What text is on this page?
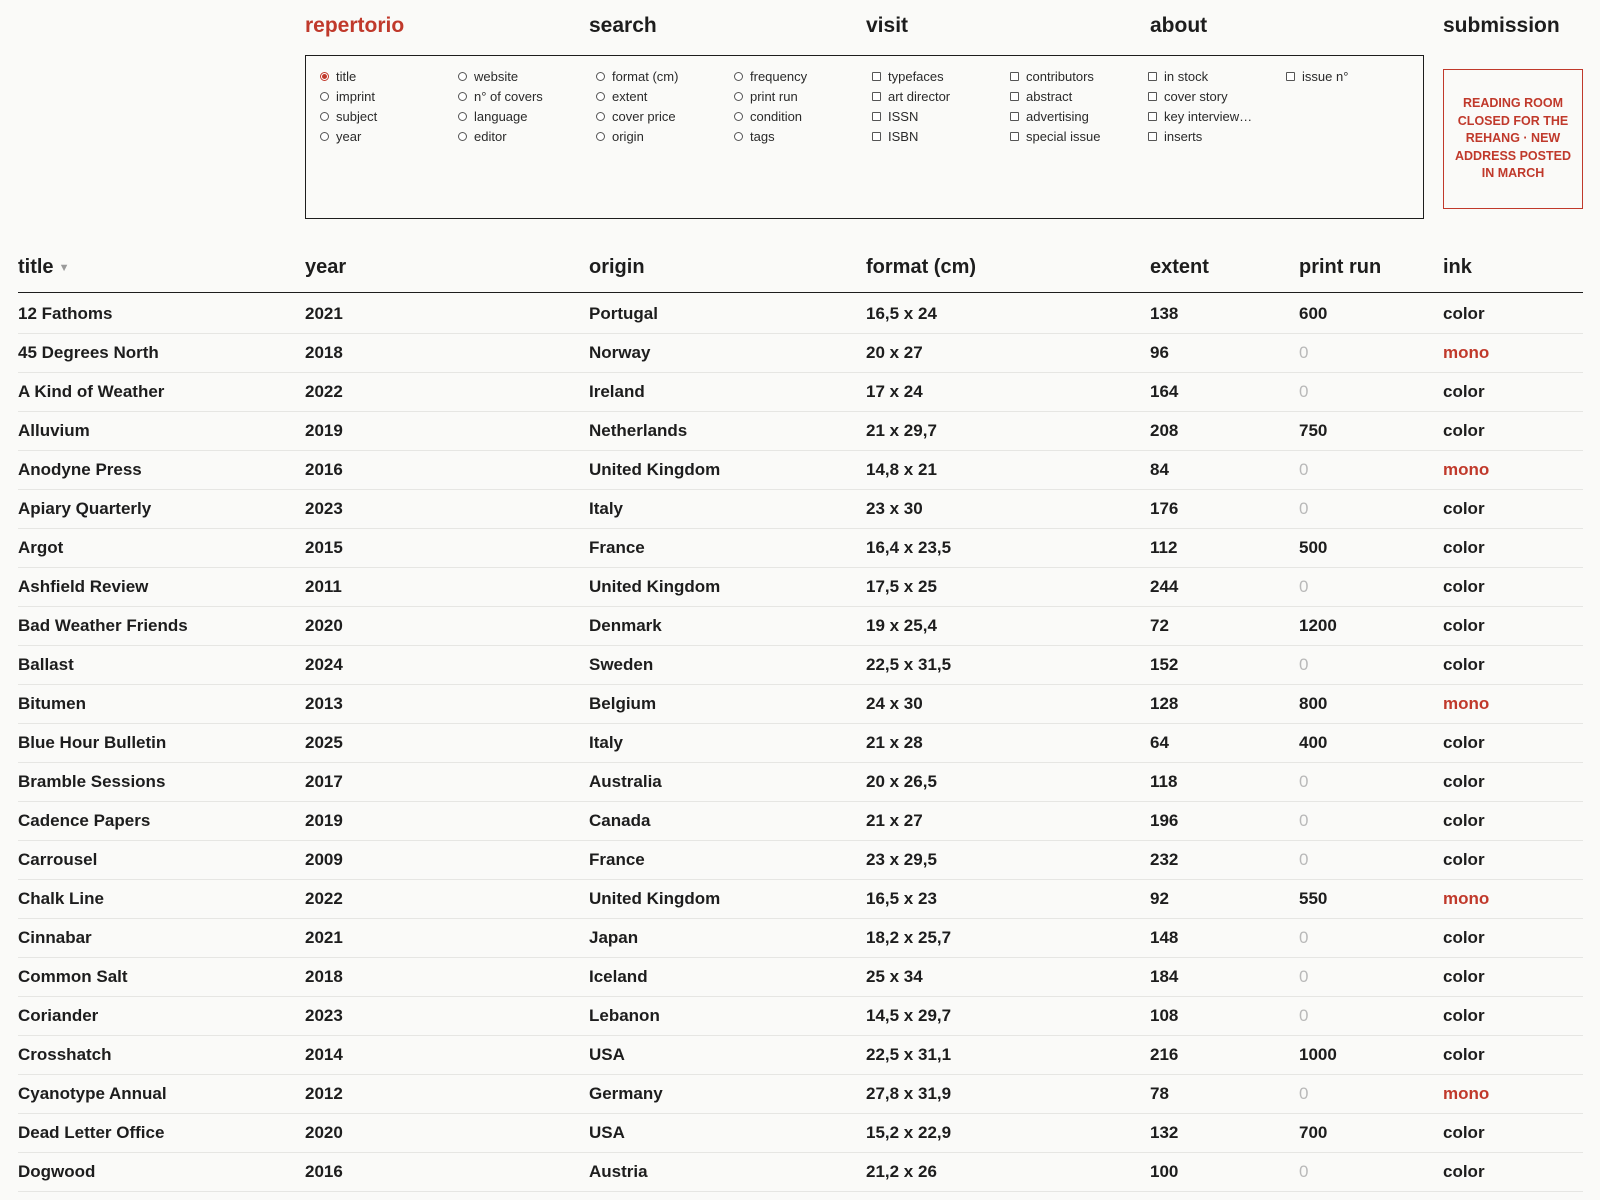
repertorio	search	visit	about	submission
title
imprint
subject
year
website
n° of covers
language
editor
format (cm)
extent
cover price
origin
frequency
print run
condition
tags
typefaces
art director
ISSN
ISBN
contributors
abstract
advertising
special issue
in stock
cover story
key interview…
inserts
issue n°
READING ROOM CLOSED FOR THE REHANG · NEW ADDRESS POSTED IN MARCH
title ▼	year	origin	format (cm)	extent	print run	ink
12 Fathoms	2021	Portugal	16,5 x 24	138	600	color
45 Degrees North	2018	Norway	20 x 27	96	0	mono
A Kind of Weather	2022	Ireland	17 x 24	164	0	color
Alluvium	2019	Netherlands	21 x 29,7	208	750	color
Anodyne Press	2016	United Kingdom	14,8 x 21	84	0	mono
Apiary Quarterly	2023	Italy	23 x 30	176	0	color
Argot	2015	France	16,4 x 23,5	112	500	color
Ashfield Review	2011	United Kingdom	17,5 x 25	244	0	color
Bad Weather Friends	2020	Denmark	19 x 25,4	72	1200	color
Ballast	2024	Sweden	22,5 x 31,5	152	0	color
Bitumen	2013	Belgium	24 x 30	128	800	mono
Blue Hour Bulletin	2025	Italy	21 x 28	64	400	color
Bramble Sessions	2017	Australia	20 x 26,5	118	0	color
Cadence Papers	2019	Canada	21 x 27	196	0	color
Carrousel	2009	France	23 x 29,5	232	0	color
Chalk Line	2022	United Kingdom	16,5 x 23	92	550	mono
Cinnabar	2021	Japan	18,2 x 25,7	148	0	color
Common Salt	2018	Iceland	25 x 34	184	0	color
Coriander	2023	Lebanon	14,5 x 29,7	108	0	color
Crosshatch	2014	USA	22,5 x 31,1	216	1000	color
Cyanotype Annual	2012	Germany	27,8 x 31,9	78	0	mono
Dead Letter Office	2020	USA	15,2 x 22,9	132	700	color
Dogwood	2016	Austria	21,2 x 26	100	0	color
